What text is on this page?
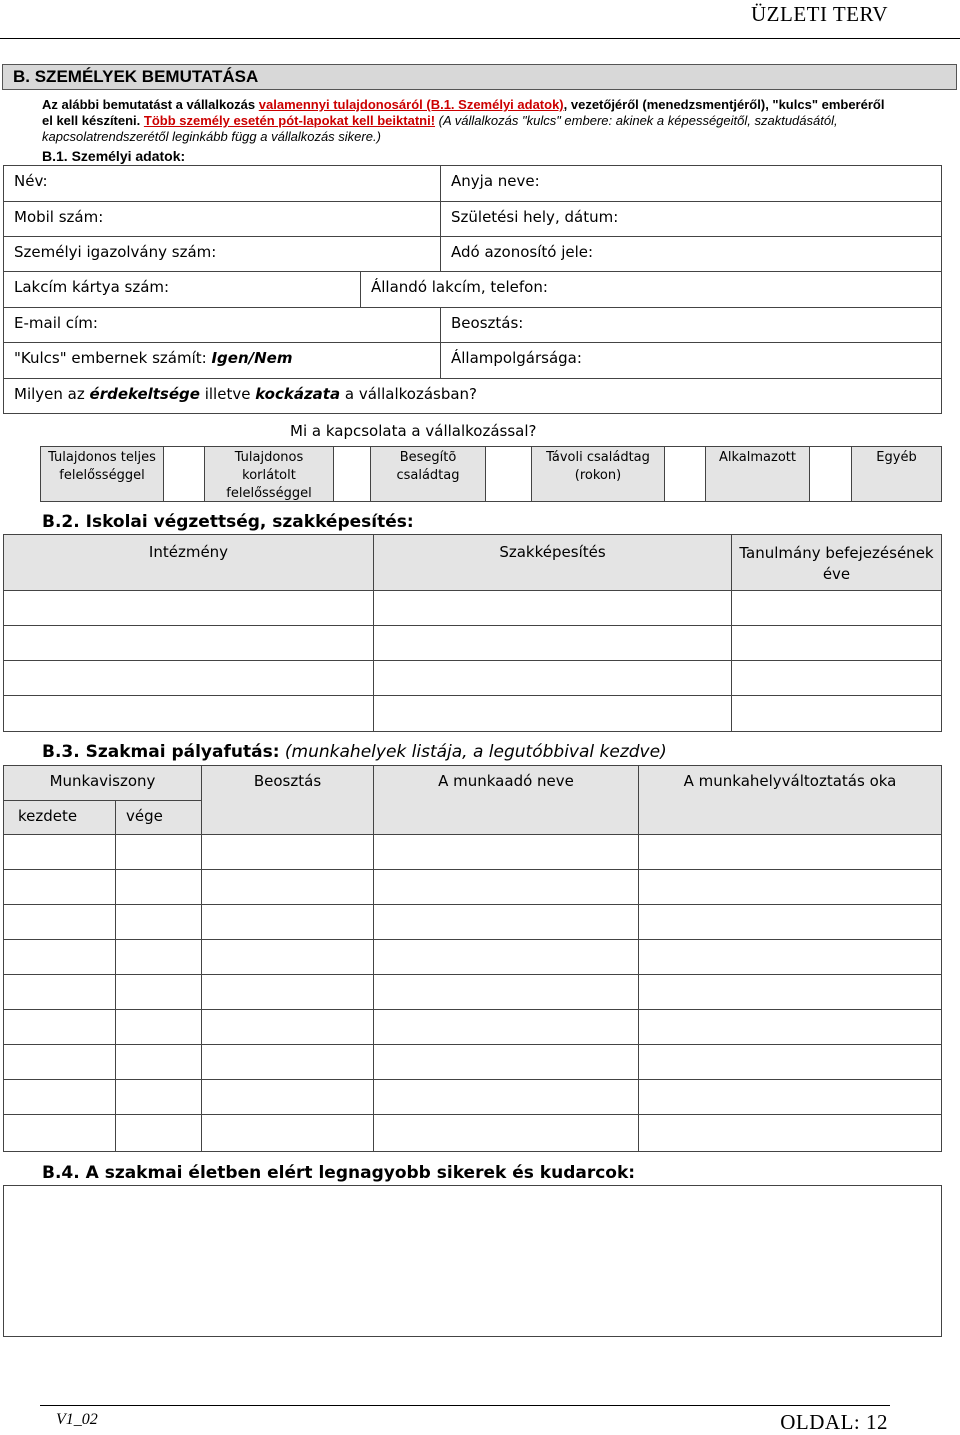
ÜZLETI TERV
B. SZEMÉLYEK BEMUTATÁSA
Az alábbi bemutatást a vállalkozás valamennyi tulajdonosáról (B.1. Személyi adatok), vezetőjéről (menedzsmentjéről), "kulcs" emberéről el kell készíteni. Több személy esetén pót-lapokat kell beiktatni! (A vállalkozás "kulcs" embere: akinek a képességeitől, szaktudásától, kapcsolatrendszerétől leginkább függ a vállalkozás sikere.)
B.1. Személyi adatok:
Név:	Anyja neve:
Mobil szám:	Születési hely, dátum:
Személyi igazolvány szám:	Adó azonosító jele:
Lakcím kártya szám:	Állandó lakcím, telefon:
E-mail cím:	Beosztás:
"Kulcs" embernek számít: Igen/Nem	Állampolgársága:
Milyen az érdekeltsége illetve kockázata a vállalkozásban?
Mi a kapcsolata a vállalkozással?
Tulajdonos teljes felelősséggel
Tulajdonos korlátolt felelősséggel
Besegítõ családtag
Távoli családtag (rokon)
Alkalmazott	Egyéb
B.2. Iskolai végzettség, szakképesítés:
Intézmény	Szakképesítés	Tanulmány befejezésének éve
B.3. Szakmai pályafutás: (munkahelyek listája, a legutóbbival kezdve)
Munkaviszony	Beosztás	A munkaadó neve	A munkahelyváltoztatás oka
kezdete	vége
B.4. A szakmai életben elért legnagyobb sikerek és kudarcok:
V1_02	OLDAL: 12
